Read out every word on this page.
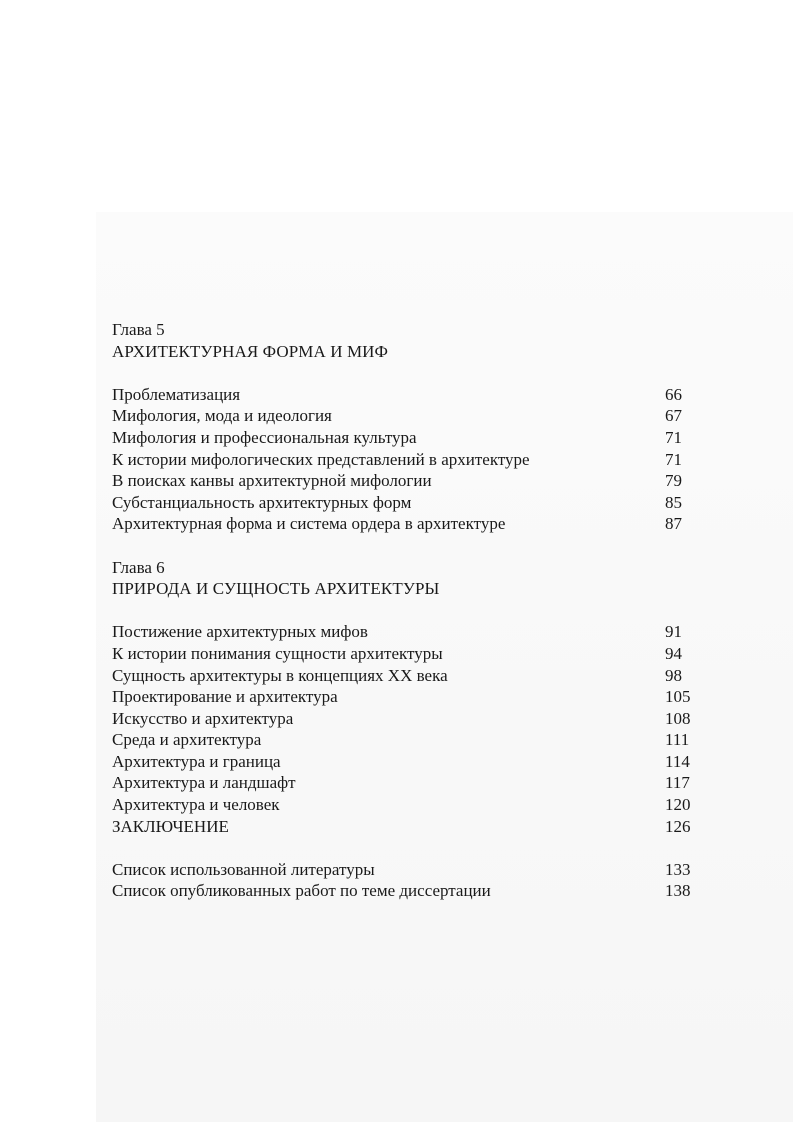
Глава 5
АРХИТЕКТУРНАЯ ФОРМА И МИФ
Проблематизация	66
Мифология, мода и идеология	67
Мифология и профессиональная культура	71
К истории мифологических представлений в архитектуре	71
В поисках канвы архитектурной мифологии	79
Субстанциальность архитектурных форм	85
Архитектурная форма и система ордера в архитектуре	87
Глава 6
ПРИРОДА И СУЩНОСТЬ АРХИТЕКТУРЫ
Постижение архитектурных мифов	91
К истории понимания сущности архитектуры	94
Сущность архитектуры в концепциях XX века	98
Проектирование и архитектура	105
Искусство и архитектура	108
Среда и архитектура	111
Архитектура и граница	114
Архитектура и ландшафт	117
Архитектура и человек	120
ЗАКЛЮЧЕНИЕ	126
Список использованной литературы	133
Список опубликованных работ по теме диссертации	138
